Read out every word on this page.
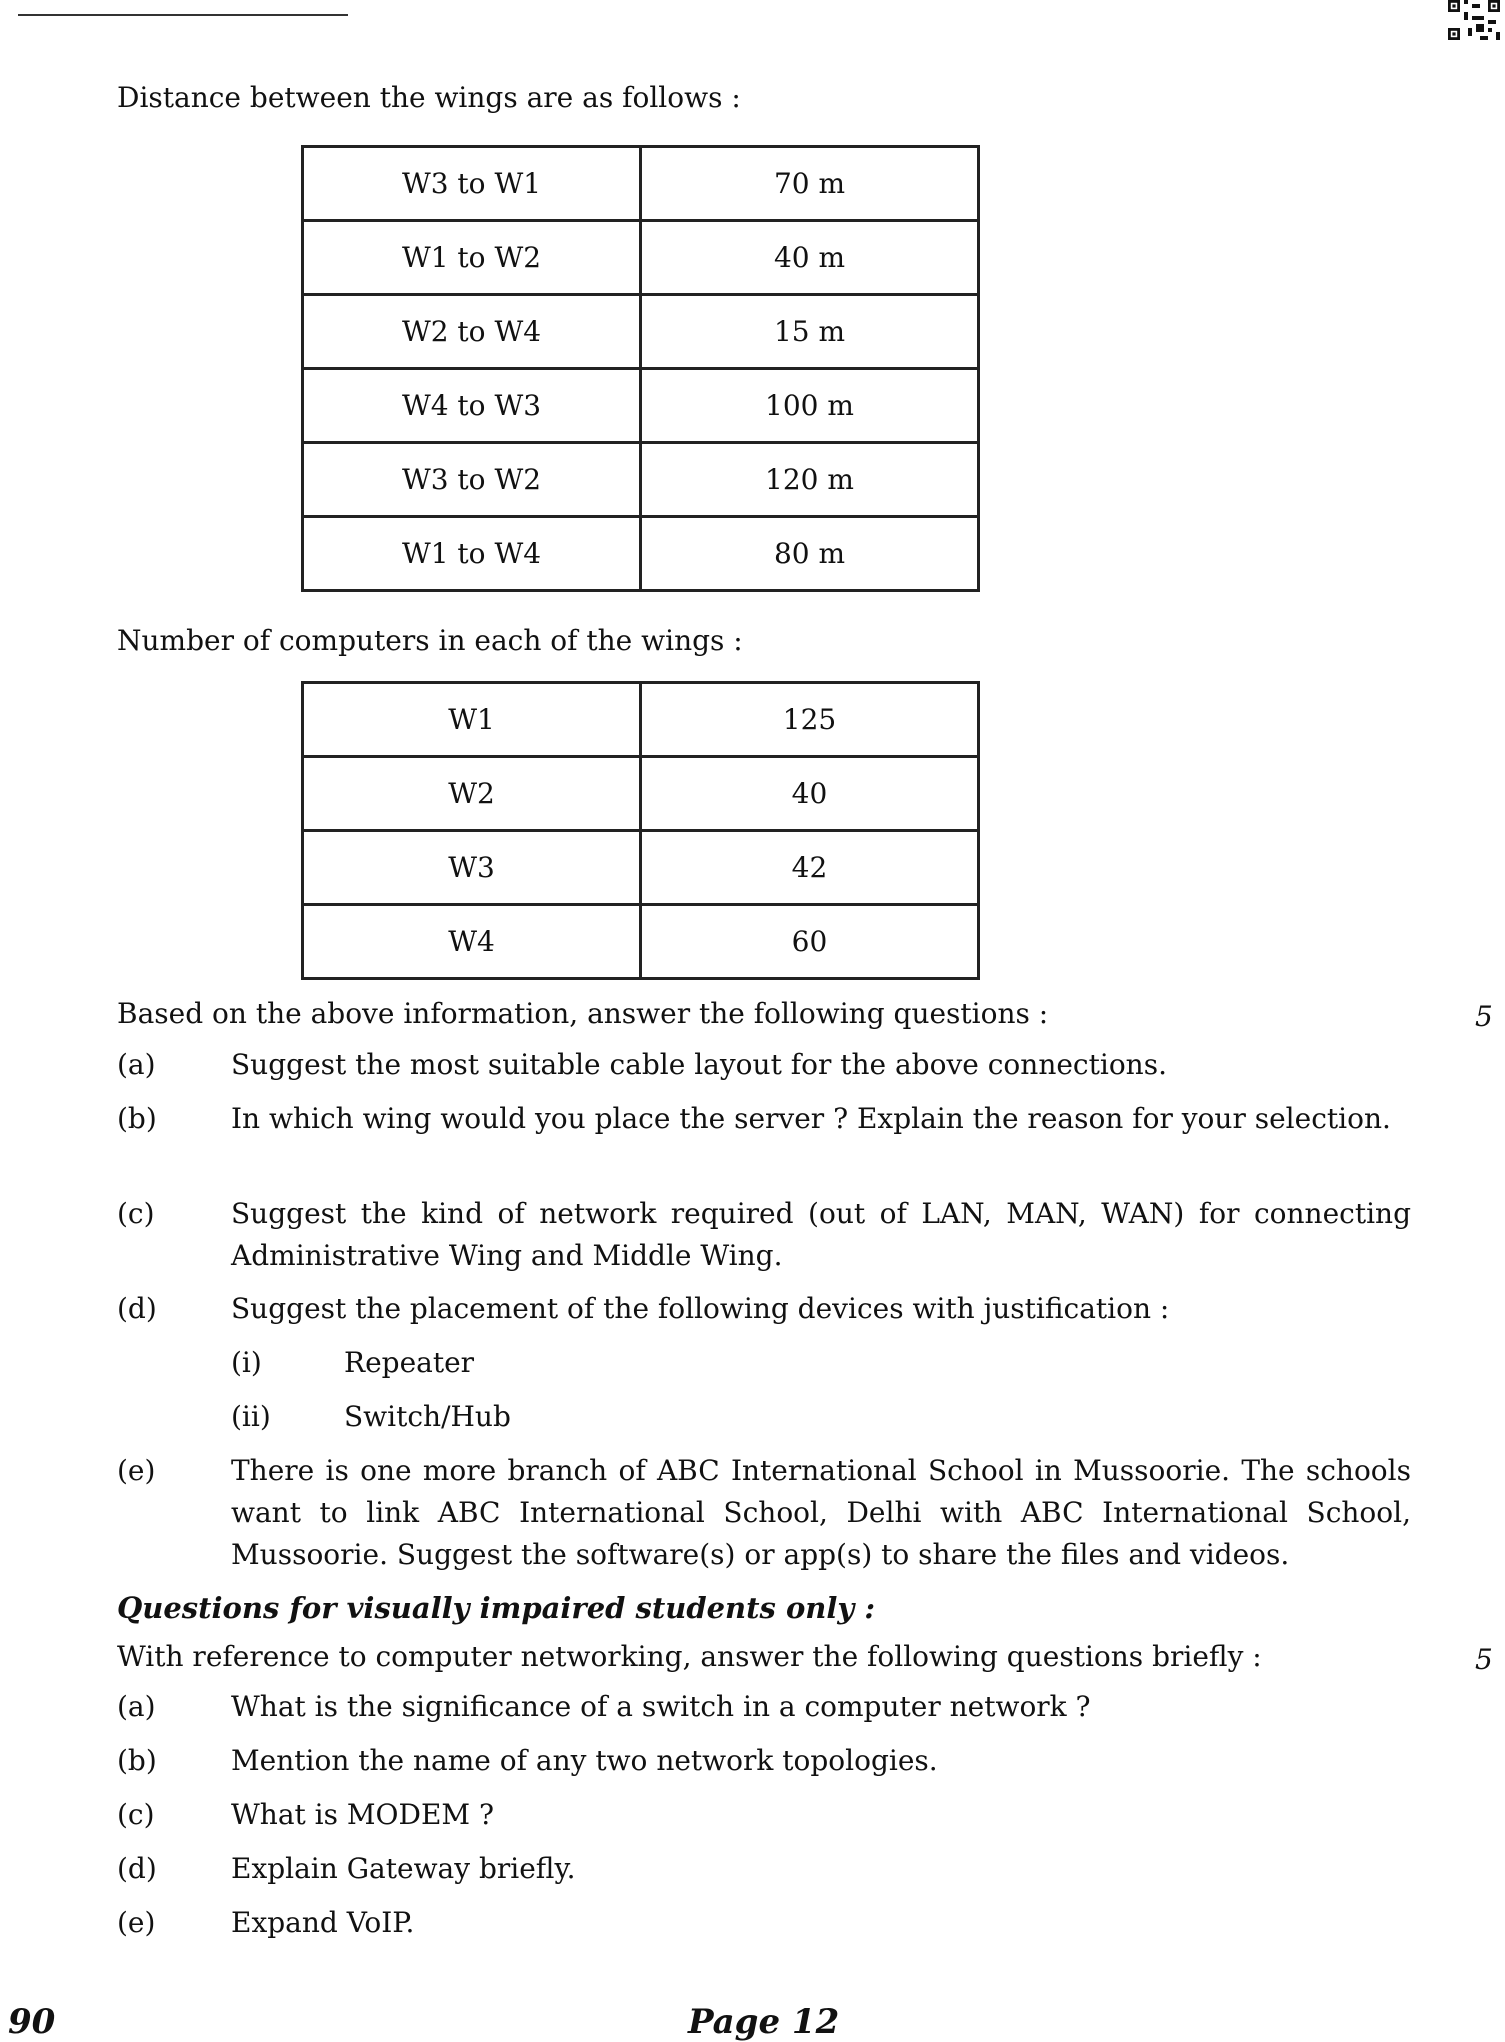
Distance between the wings are as follows :
W3 to W1	70 m
W1 to W2	40 m
W2 to W4	15 m
W4 to W3	100 m
W3 to W2	120 m
W1 to W4	80 m
Number of computers in each of the wings :
W1	125
W2	40
W3	42
W4	60
Based on the above information, answer the following questions :	5
(a)	Suggest the most suitable cable layout for the above connections.
(b)	In which wing would you place the server ? Explain the reason for your selection.
(c)	Suggest the kind of network required (out of LAN, MAN, WAN) for connecting Administrative Wing and Middle Wing.
(d)	Suggest the placement of the following devices with justification :
(i)	Repeater
(ii)	Switch/Hub
(e)	There is one more branch of ABC International School in Mussoorie. The schools want to link ABC International School, Delhi with ABC International School, Mussoorie. Suggest the software(s) or app(s) to share the files and videos.
Questions for visually impaired students only :
With reference to computer networking, answer the following questions briefly :	5
(a)	What is the significance of a switch in a computer network ?
(b)	Mention the name of any two network topologies.
(c)	What is MODEM ?
(d)	Explain Gateway briefly.
(e)	Expand VoIP.
90	Page 12
